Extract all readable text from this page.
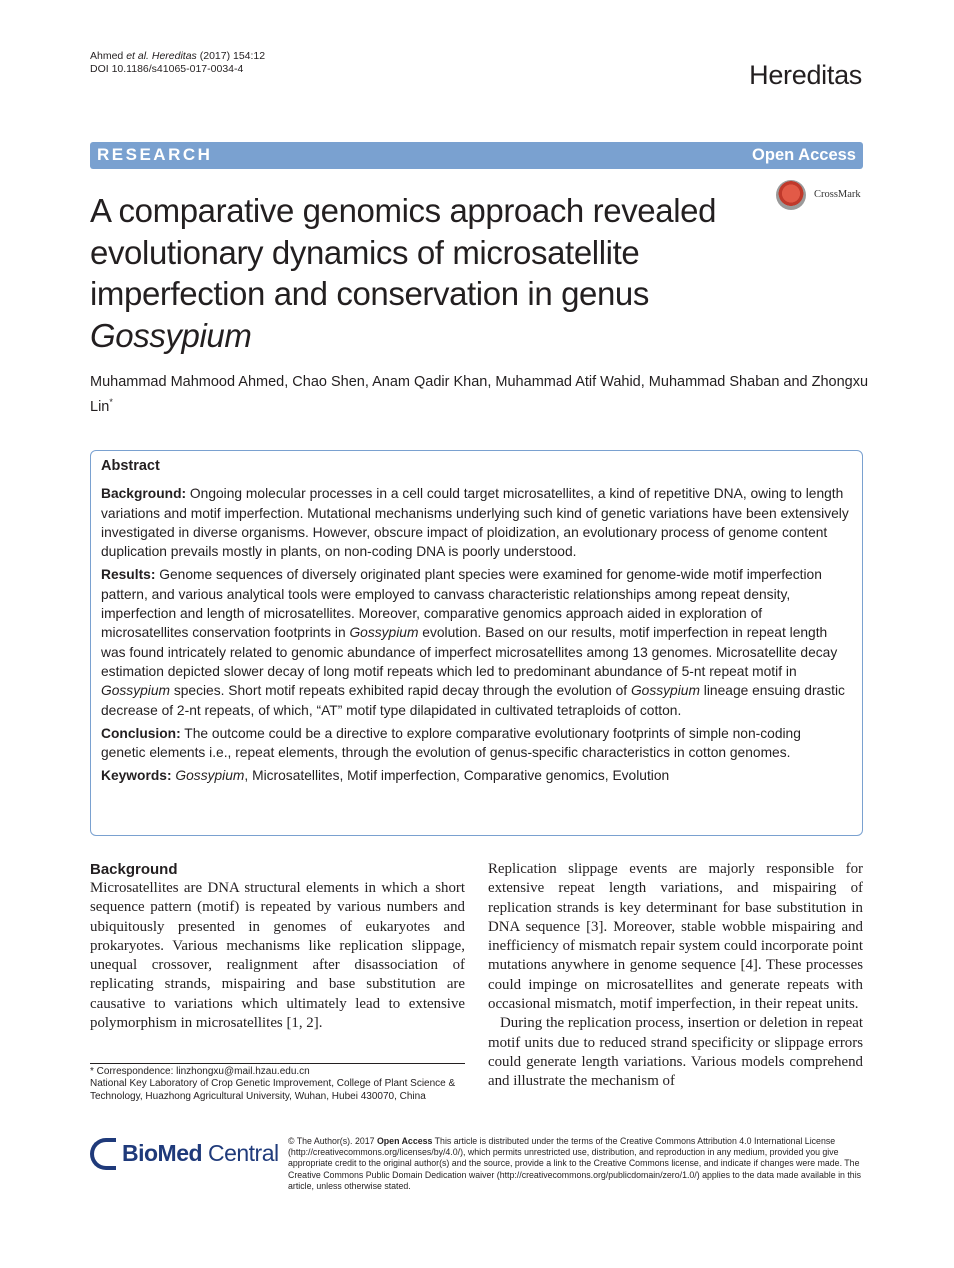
Ahmed et al. Hereditas (2017) 154:12
DOI 10.1186/s41065-017-0034-4	Hereditas
RESEARCH	Open Access
A comparative genomics approach revealed evolutionary dynamics of microsatellite imperfection and conservation in genus
Gossypium
CrossMark
Muhammad Mahmood Ahmed, Chao Shen, Anam Qadir Khan, Muhammad Atif Wahid, Muhammad Shaban and Zhongxu Lin*
Abstract

Background: Ongoing molecular processes in a cell could target microsatellites, a kind of repetitive DNA, owing to length variations and motif imperfection. Mutational mechanisms underlying such kind of genetic variations have been extensively investigated in diverse organisms. However, obscure impact of ploidization, an evolutionary process of genome content duplication prevails mostly in plants, on non-coding DNA is poorly understood.

Results: Genome sequences of diversely originated plant species were examined for genome-wide motif imperfection pattern, and various analytical tools were employed to canvass characteristic relationships among repeat density, imperfection and length of microsatellites. Moreover, comparative genomics approach aided in exploration of microsatellites conservation footprints in Gossypium evolution. Based on our results, motif imperfection in repeat length was found intricately related to genomic abundance of imperfect microsatellites among 13 genomes. Microsatellite decay estimation depicted slower decay of long motif repeats which led to predominant abundance of 5-nt repeat motif in Gossypium species. Short motif repeats exhibited rapid decay through the evolution of Gossypium lineage ensuing drastic decrease of 2-nt repeats, of which, “AT” motif type dilapidated in cultivated tetraploids of cotton.

Conclusion: The outcome could be a directive to explore comparative evolutionary footprints of simple non-coding genetic elements i.e., repeat elements, through the evolution of genus-specific characteristics in cotton genomes.

Keywords: Gossypium, Microsatellites, Motif imperfection, Comparative genomics, Evolution

Background

Microsatellites are DNA structural elements in which a short sequence pattern (motif) is repeated by various numbers and ubiquitously presented in genomes of eukaryotes and prokaryotes. Various mechanisms like replication slippage, unequal crossover, realignment after disassociation of replicating strands, mispairing and base substitution are causative to variations which ultimately lead to extensive polymorphism in microsatellites [1, 2].

Replication slippage events are majorly responsible for extensive repeat length variations, and mispairing of replication strands is key determinant for base substitution in DNA sequence [3]. Moreover, stable wobble mispairing and inefficiency of mismatch repair system could incorporate point mutations anywhere in genome sequence [4]. These processes could impinge on microsatellites and generate repeats with occasional mismatch, motif imperfection, in their repeat units.

During the replication process, insertion or deletion in repeat motif units due to reduced strand specificity or slippage errors could generate length variations. Various models comprehend and illustrate the mechanism of

* Correspondence: linzhongxu@mail.hzau.edu.cn
National Key Laboratory of Crop Genetic Improvement, College of Plant Science & Technology, Huazhong Agricultural University, Wuhan, Hubei 430070, China
BioMed Central © The Author(s). 2017 Open Access This article is distributed under the terms of the Creative Commons Attribution 4.0 International License (http://creativecommons.org/licenses/by/4.0/), which permits unrestricted use, distribution, and reproduction in any medium, provided you give appropriate credit to the original author(s) and the source, provide a link to the Creative Commons license, and indicate if changes were made. The Creative Commons Public Domain Dedication waiver (http://creativecommons.org/publicdomain/zero/1.0/) applies to the data made available in this article, unless otherwise stated.
